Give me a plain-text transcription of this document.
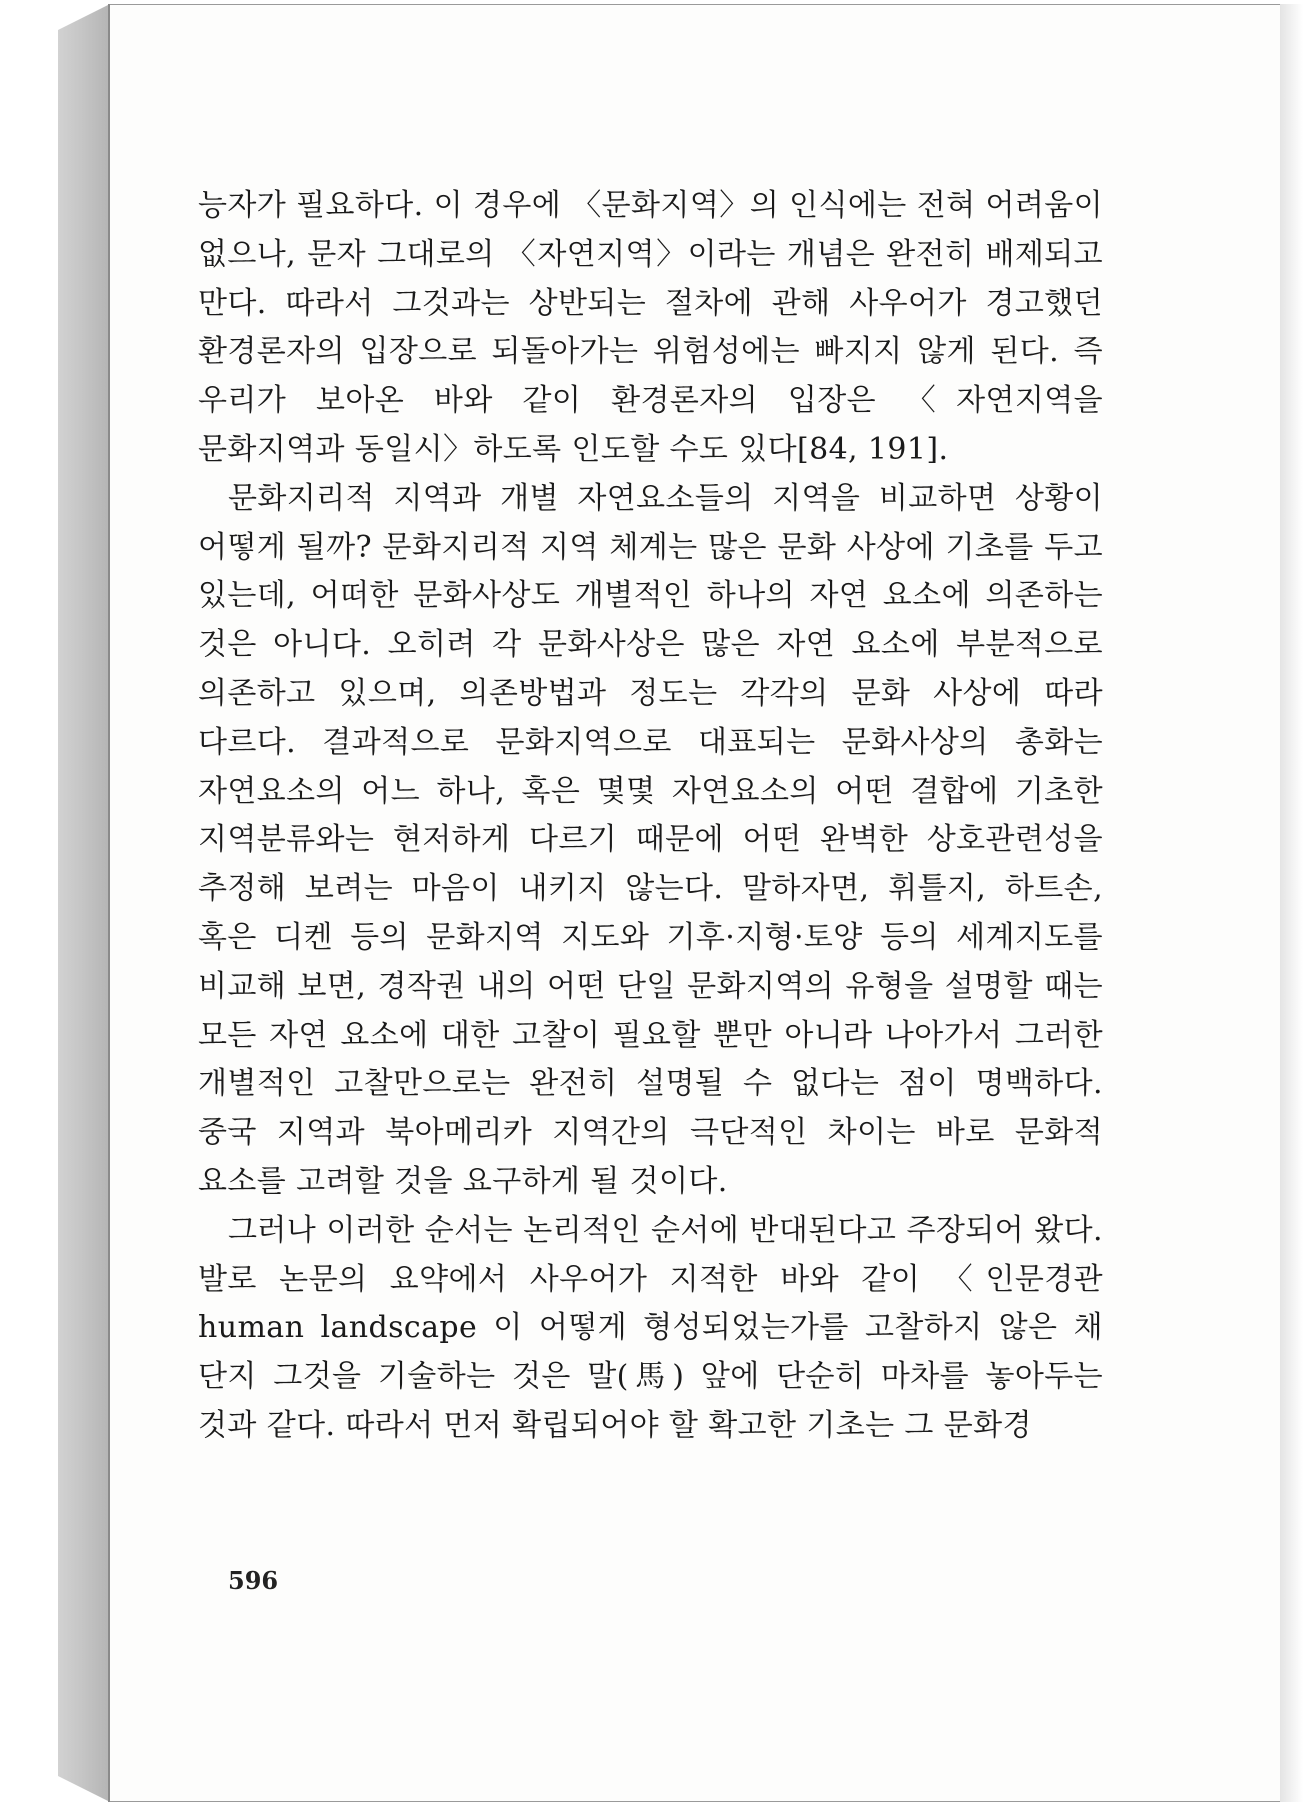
능자가 필요하다. 이 경우에 〈문화지역〉의 인식에는 전혀 어려움이 없으나, 문자 그대로의 〈자연지역〉이라는 개념은 완전히 배제되고 만다. 따라서 그것과는 상반되는 절차에 관해 사우어가 경고했던 환경론자의 입장으로 되돌아가는 위험성에는 빠지지 않게 된다. 즉 우리가 보아온 바와 같이 환경론자의 입장은 〈자연지역을 문화지역과 동일시〉하도록 인도할 수도 있다[84, 191].

문화지리적 지역과 개별 자연요소들의 지역을 비교하면 상황이 어떻게 될까? 문화지리적 지역 체계는 많은 문화 사상에 기초를 두고 있는데, 어떠한 문화사상도 개별적인 하나의 자연 요소에 의존하는 것은 아니다. 오히려 각 문화사상은 많은 자연 요소에 부분적으로 의존하고 있으며, 의존방법과 정도는 각각의 문화 사상에 따라 다르다. 결과적으로 문화지역으로 대표되는 문화사상의 총화는 자연요소의 어느 하나, 혹은 몇몇 자연요소의 어떤 결합에 기초한 지역분류와는 현저하게 다르기 때문에 어떤 완벽한 상호관련성을 추정해 보려는 마음이 내키지 않는다. 말하자면, 휘틀지, 하트손, 혹은 디켄 등의 문화지역 지도와 기후·지형·토양 등의 세계지도를 비교해 보면, 경작권 내의 어떤 단일 문화지역의 유형을 설명할 때는 모든 자연 요소에 대한 고찰이 필요할 뿐만 아니라 나아가서 그러한 개별적인 고찰만으로는 완전히 설명될 수 없다는 점이 명백하다. 중국 지역과 북아메리카 지역간의 극단적인 차이는 바로 문화적 요소를 고려할 것을 요구하게 될 것이다.

그러나 이러한 순서는 논리적인 순서에 반대된다고 주장되어 왔다. 발로 논문의 요약에서 사우어가 지적한 바와 같이 〈인문경관 human landscape 이 어떻게 형성되었는가를 고찰하지 않은 채 단지 그것을 기술하는 것은 말(馬) 앞에 단순히 마차를 놓아두는 것과 같다. 따라서 먼저 확립되어야 할 확고한 기초는 그 문화경

596
